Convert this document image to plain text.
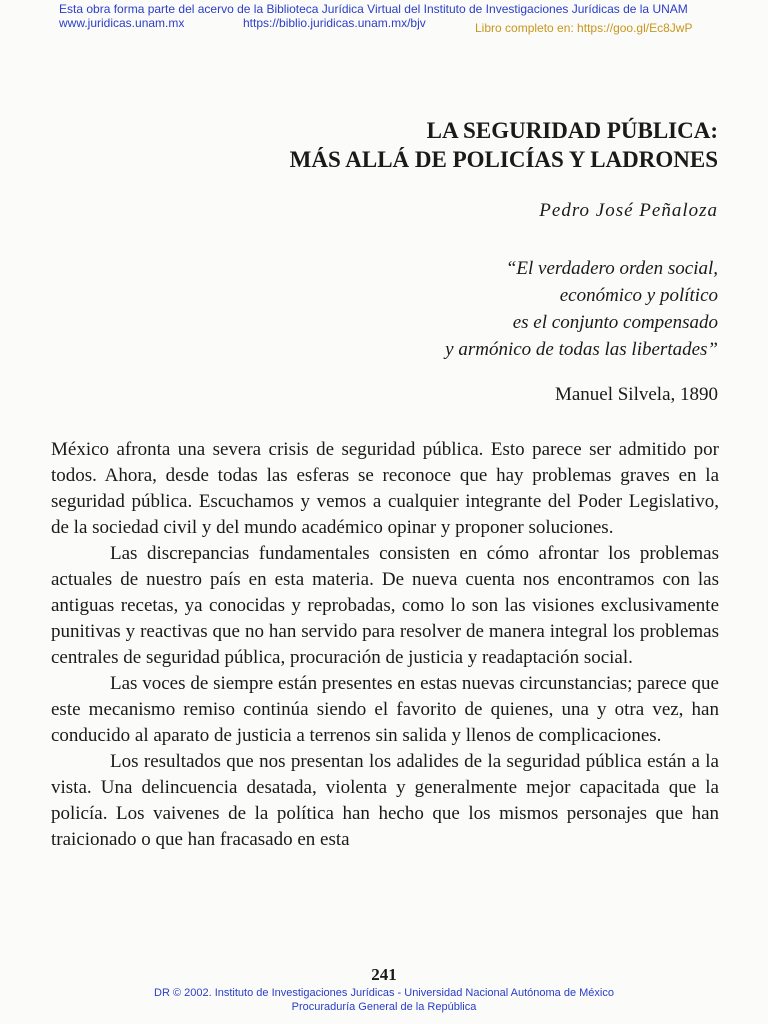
Esta obra forma parte del acervo de la Biblioteca Jurídica Virtual del Instituto de Investigaciones Jurídicas de la UNAM
www.juridicas.unam.mx	https://biblio.juridicas.unam.mx/bjv	Libro completo en: https://goo.gl/Ec8JwP
LA SEGURIDAD PÚBLICA:
MÁS ALLÁ DE POLICÍAS Y LADRONES
Pedro José Peñaloza
“El verdadero orden social,
económico y político
es el conjunto compensado
y armónico de todas las libertades”
Manuel Silvela, 1890

México afronta una severa crisis de seguridad pública. Esto parece ser admitido por todos. Ahora, desde todas las esferas se reconoce que hay problemas graves en la seguridad pública. Escuchamos y vemos a cualquier integrante del Poder Legislativo, de la sociedad civil y del mundo académico opinar y proponer soluciones.

Las discrepancias fundamentales consisten en cómo afrontar los problemas actuales de nuestro país en esta materia. De nueva cuenta nos encontramos con las antiguas recetas, ya conocidas y reprobadas, como lo son las visiones exclusivamente punitivas y reactivas que no han servido para resolver de manera integral los problemas centrales de seguridad pública, procuración de justicia y readaptación social.

Las voces de siempre están presentes en estas nuevas circunstancias; parece que este mecanismo remiso continúa siendo el favorito de quienes, una y otra vez, han conducido al aparato de justicia a terrenos sin salida y llenos de complicaciones.

Los resultados que nos presentan los adalides de la seguridad pública están a la vista. Una delincuencia desatada, violenta y generalmente mejor capacitada que la policía. Los vaivenes de la política han hecho que los mismos personajes que han traicionado o que han fracasado en esta

241
DR © 2002. Instituto de Investigaciones Jurídicas - Universidad Nacional Autónoma de México
Procuraduría General de la República
